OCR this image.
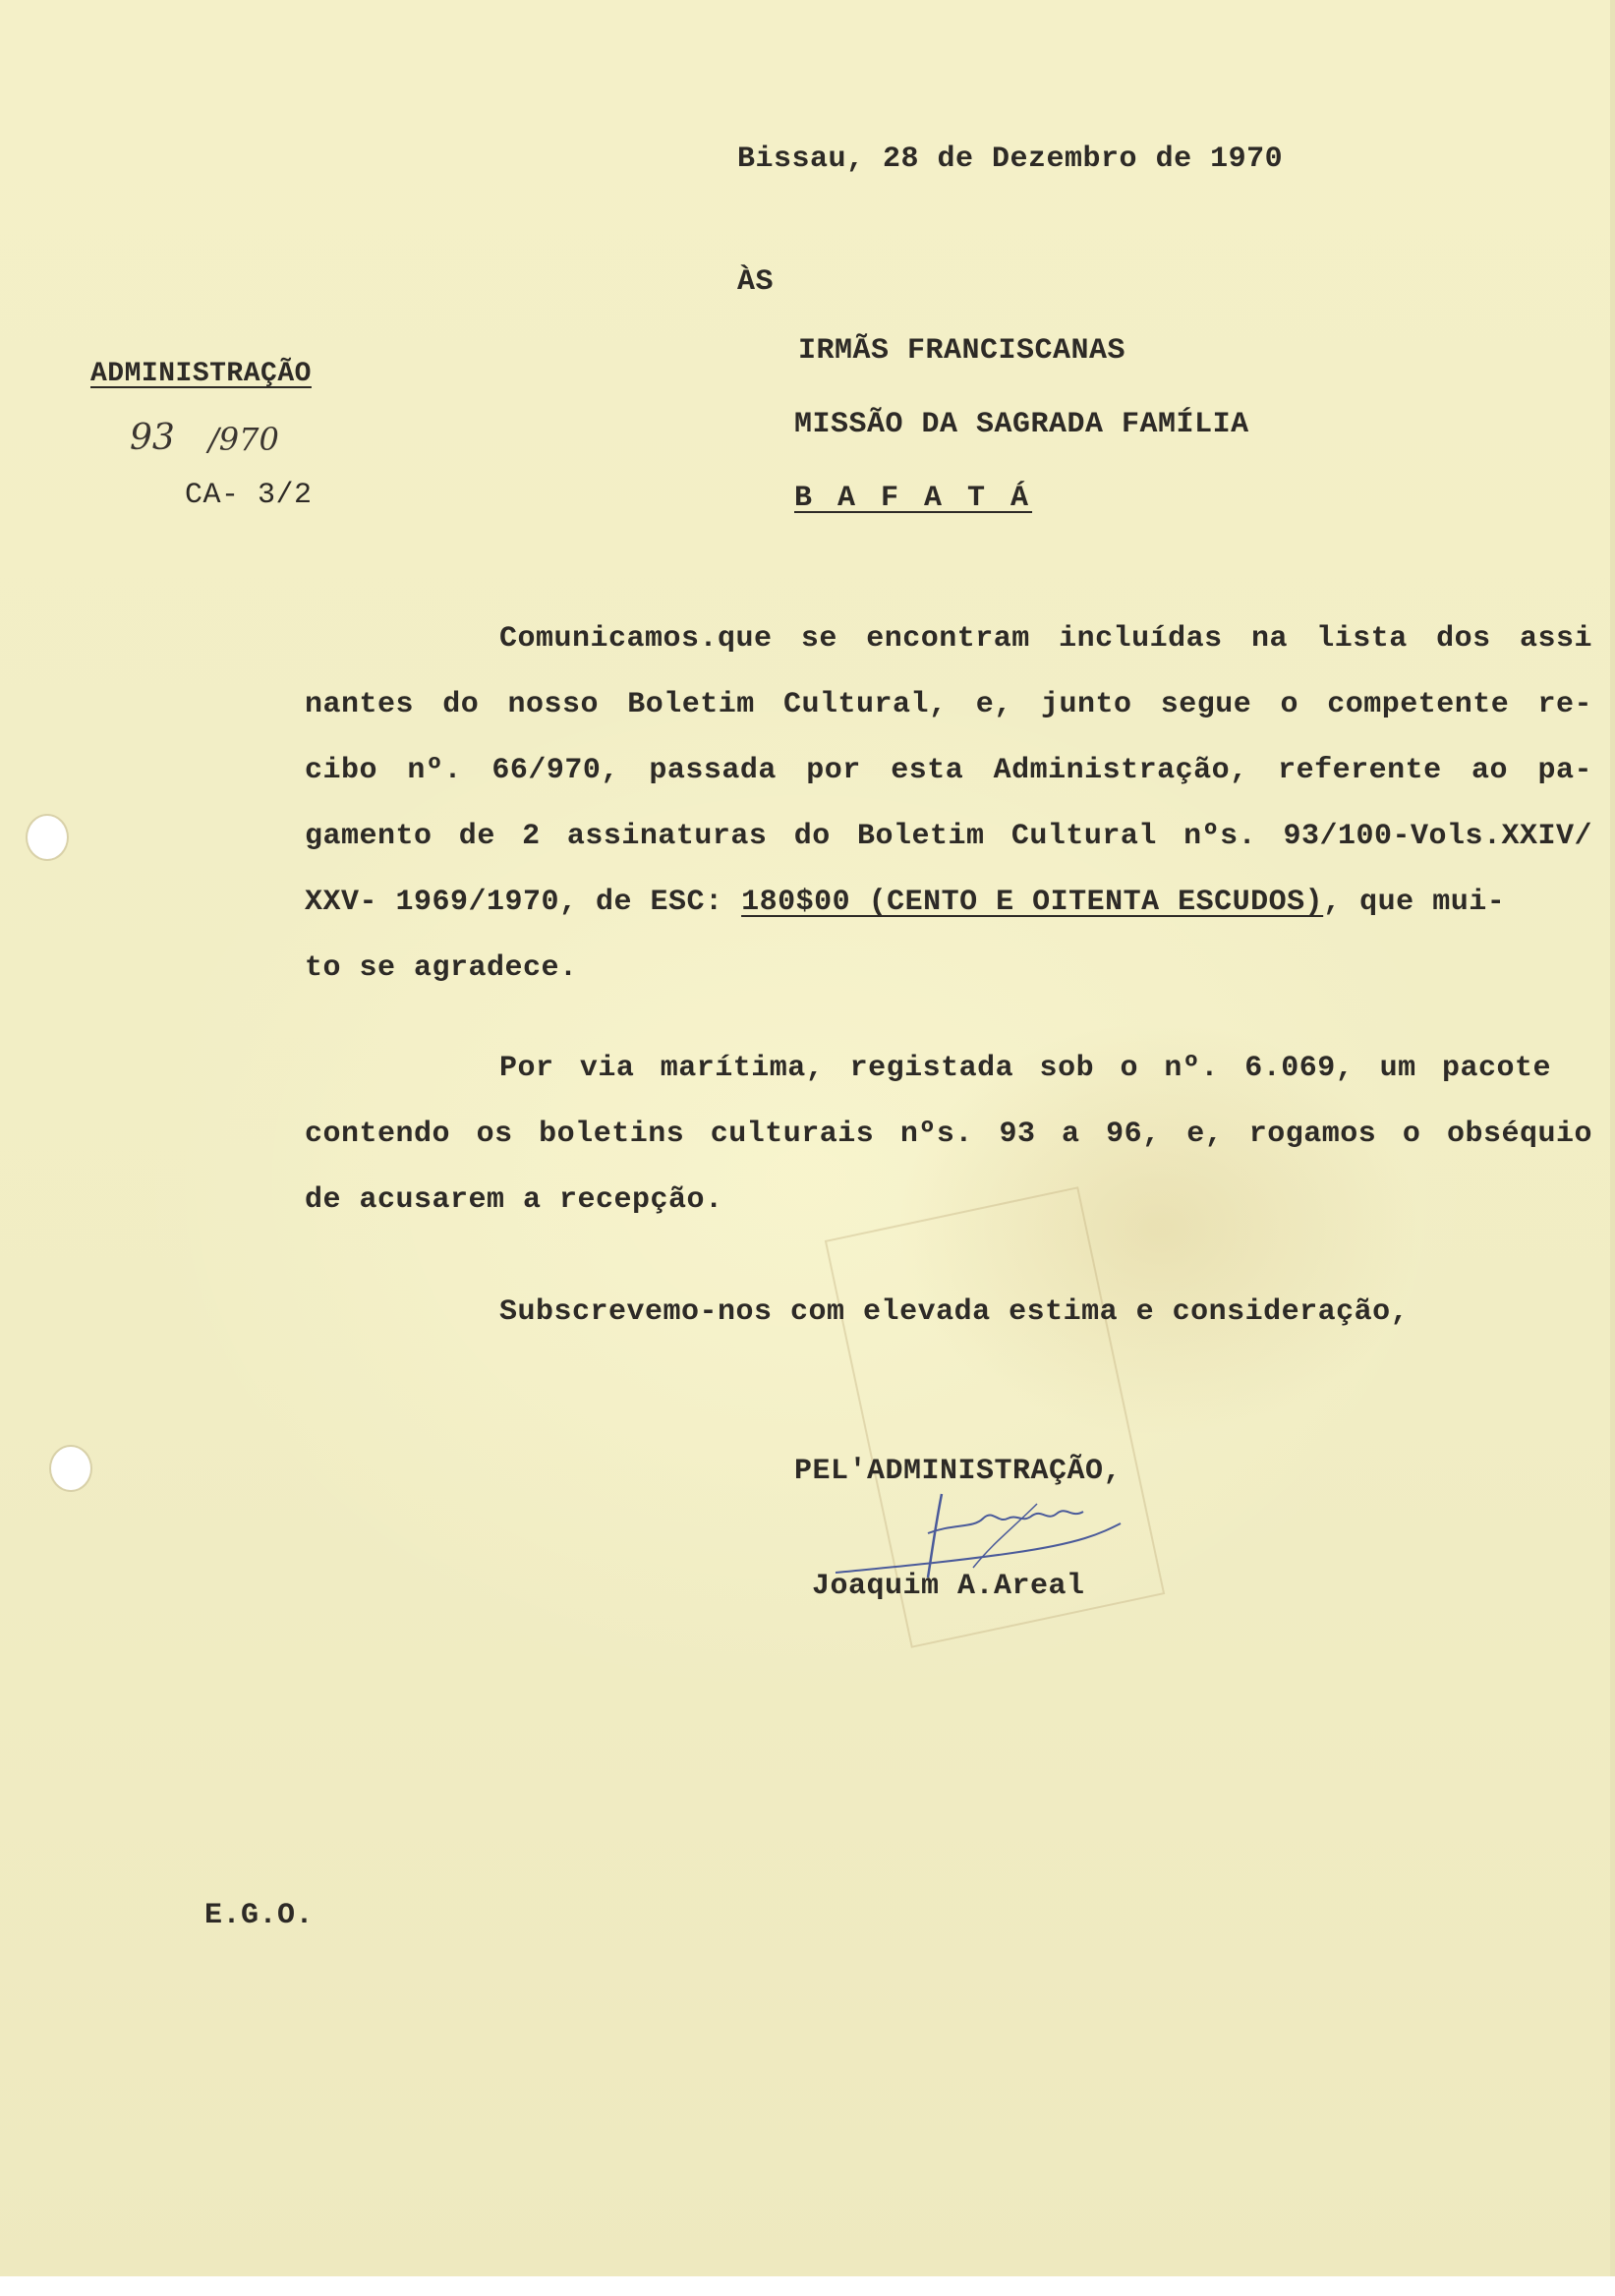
Bissau, 28 de Dezembro de 1970
ÀS
IRMÃS FRANCISCANAS
MISSÃO DA SAGRADA FAMÍLIA
B A F A T Á
ADMINISTRAÇÃO
93 /970
CA- 3/2
Comunicamos.que se encontram incluídas na lista dos assi
nantes do nosso Boletim Cultural, e, junto segue o competente re-
cibo nº. 66/970, passada por esta Administração, referente ao pa-
gamento de 2 assinaturas do Boletim Cultural nºs. 93/100-Vols.XXIV/
XXV- 1969/1970, de ESC: 180$00 (CENTO E OITENTA ESCUDOS), que mui-
to se agradece.
Por via marítima, registada sob o nº. 6.069, um pacote
contendo os boletins culturais nºs. 93 a 96, e, rogamos o obséquio
de acusarem a recepção.
Subscrevemo-nos com elevada estima e consideração,
PEL'ADMINISTRAÇÃO,
Joaquim A.Areal
E.G.O.
